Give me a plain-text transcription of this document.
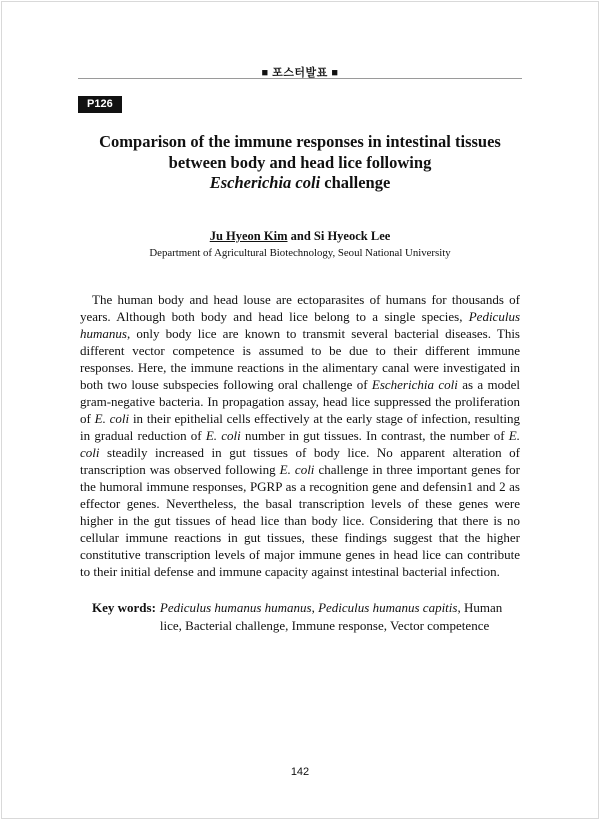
■ 포스터발표 ■
P126
Comparison of the immune responses in intestinal tissues
between body and head lice following
Escherichia coli challenge
Ju Hyeon Kim and Si Hyeock Lee
Department of Agricultural Biotechnology, Seoul National University

The human body and head louse are ectoparasites of humans for thousands of years. Although both body and head lice belong to a single species, Pediculus humanus, only body lice are known to transmit several bacterial diseases. This different vector competence is assumed to be due to their different immune responses. Here, the immune reactions in the alimentary canal were investigated in both two louse subspecies following oral challenge of Escherichia coli as a model gram-negative bacteria. In propagation assay, head lice suppressed the proliferation of E. coli in their epithelial cells effectively at the early stage of infection, resulting in gradual reduction of E. coli number in gut tissues. In contrast, the number of E. coli steadily increased in gut tissues of body lice. No apparent alteration of transcription was observed following E. coli challenge in three important genes for the humoral immune responses, PGRP as a recognition gene and defensin1 and 2 as effector genes. Nevertheless, the basal transcription levels of these genes were higher in the gut tissues of head lice than body lice. Considering that there is no cellular immune reactions in gut tissues, these findings suggest that the higher constitutive transcription levels of major immune genes in head lice can contribute to their initial defense and immune capacity against intestinal bacterial infection.

Key words: Pediculus humanus humanus, Pediculus humanus capitis, Human lice, Bacterial challenge, Immune response, Vector competence
142
